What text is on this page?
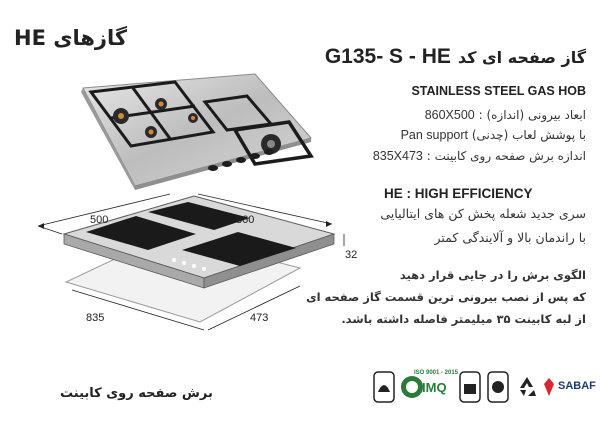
گازهای HE
G135- S - HE گاز صفحه ای کد
STAINLESS STEEL GAS HOB
860X500 : ابعاد بیرونی (اندازه)
Pan support (چدنی) با پوشش لعاب
835X473 : اندازه برش صفحه روی کابینت
HE : HIGH EFFICIENCY
سری جدید شعله پخش کن های ایتالیایی
با راندمان بالا و آلایندگی کمتر
الگوی برش را در جایی قرار دهید
که پس از نصب بیرونی ترین قسمت گاز صفحه ای
از لبه کابینت ۳۵ میلیمتر فاصله داشته باشد.
500	860
32
835	473
برش صفحه روی کابینت
ISO 9001 - 2015
IMQ	SABAF
